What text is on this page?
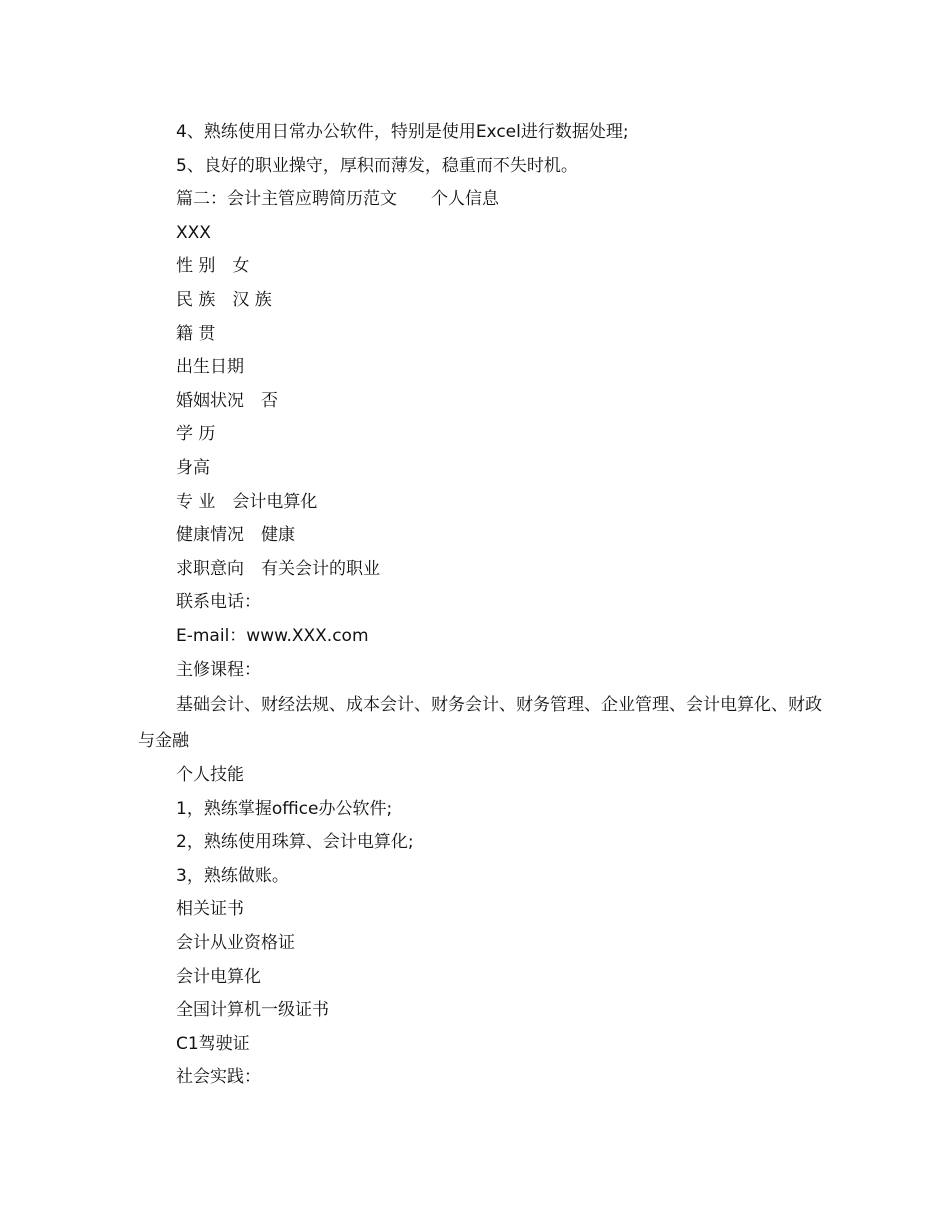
4、熟练使用日常办公软件，特别是使用Excel进行数据处理;
5、良好的职业操守，厚积而薄发，稳重而不失时机。
篇二：会计主管应聘简历范文　　个人信息
XXX
性 别　女
民 族　汉 族
籍 贯
出生日期
婚姻状况　否
学 历
身高
专 业　会计电算化
健康情况　健康
求职意向　有关会计的职业
联系电话：
E-mail：www.XXX.com
主修课程：
基础会计、财经法规、成本会计、财务会计、财务管理、企业管理、会计电算化、财政与金融
个人技能
1，熟练掌握office办公软件;
2，熟练使用珠算、会计电算化;
3，熟练做账。
相关证书
会计从业资格证
会计电算化
全国计算机一级证书
C1驾驶证
社会实践：
